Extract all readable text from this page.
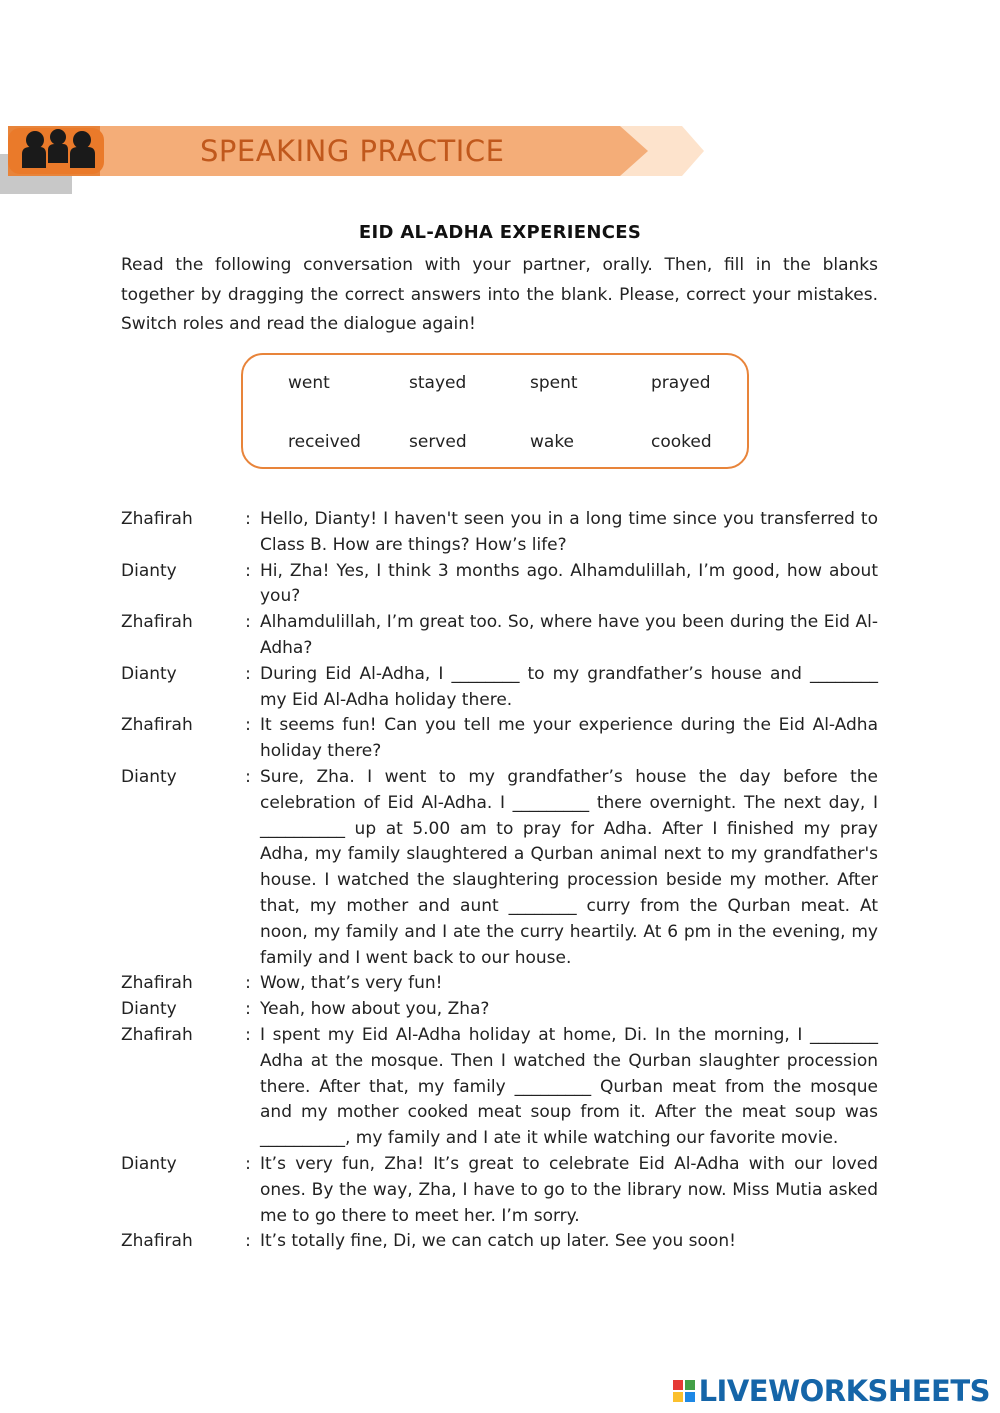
SPEAKING PRACTICE
EID AL-ADHA EXPERIENCES
Read the following conversation with your partner, orally. Then, fill in the blanks together by dragging the correct answers into the blank. Please, correct your mistakes. Switch roles and read the dialogue again!
went	stayed	spent	prayed
received	served	wake	cooked
Zhafirah	: Hello, Dianty! I haven't seen you in a long time since you transferred to Class B. How are things? How’s life?
Dianty	: Hi, Zha! Yes, I think 3 months ago. Alhamdulillah, I’m good, how about you?
Zhafirah	: Alhamdulillah, I’m great too. So, where have you been during the Eid Al-Adha?
Dianty	: During Eid Al-Adha, I ________ to my grandfather’s house and ________ my Eid Al-Adha holiday there.
Zhafirah	: It seems fun! Can you tell me your experience during the Eid Al-Adha holiday there?
Dianty	: Sure, Zha. I went to my grandfather’s house the day before the celebration of Eid Al-Adha. I _________ there overnight. The next day, I __________ up at 5.00 am to pray for Adha. After I finished my pray Adha, my family slaughtered a Qurban animal next to my grandfather's house. I watched the slaughtering procession beside my mother. After that, my mother and aunt ________ curry from the Qurban meat. At noon, my family and I ate the curry heartily. At 6 pm in the evening, my family and I went back to our house.
Zhafirah	: Wow, that’s very fun!
Dianty	: Yeah, how about you, Zha?
Zhafirah	: I spent my Eid Al-Adha holiday at home, Di. In the morning, I ________ Adha at the mosque. Then I watched the Qurban slaughter procession there. After that, my family _________ Qurban meat from the mosque and my mother cooked meat soup from it. After the meat soup was __________, my family and I ate it while watching our favorite movie.
Dianty	: It’s very fun, Zha! It’s great to celebrate Eid Al-Adha with our loved ones. By the way, Zha, I have to go to the library now. Miss Mutia asked me to go there to meet her. I’m sorry.
Zhafirah	: It’s totally fine, Di, we can catch up later. See you soon!
LIVEWORKSHEETS
